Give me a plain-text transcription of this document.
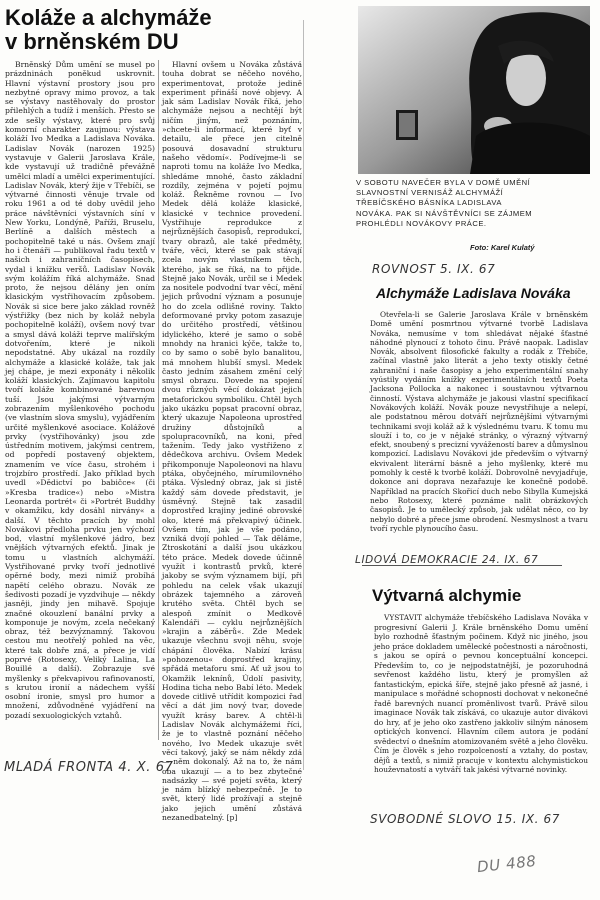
Koláže a alchymáže
v brněnském DU

Brněnský Dům umění se musel po prázdninách poněkud uskrovnit. Hlavní výstavní prostory jsou pro nezbytné opravy mimo provoz, a tak se výstavy nastěhovaly do prostor přilehlých a tudíž i menších. Přesto se zde sešly výstavy, které pro svůj komorní charakter zaujmou: výstava koláží Ivo Medka a Ladislava Nováka. Ladislav Novák (narozen 1925) vystavuje v Galerii Jaroslava Krále, kde vystavují už tradičně převážně umělci mladí a umělci experimentující. Ladislav Novák, který žije v Třebíči, se výtvarné činnosti věnuje trvale od roku 1961 a od té doby uvědil jeho práce návštěvníci výstavních síní v New Yorku, Londýně, Paříži, Bruselu, Berlíně a dalších městech a pochopitelně také u nás. Ovšem znají ho i čtenáři — publikoval řadu textů v našich i zahraničních časopisech, vydal i knížku veršů. Ladislav Novák svým kolážím říká alchymáže. Snad proto, že nejsou dělány jen oním klasickým vystřihovacím způsobem. Novák si sice bere jako základ rovněž výstřižky (bez nich by koláž nebyla pochopitelně koláží), ovšem nový tvar a smysl dává koláži teprve malířským dotvořením, které je nikoli nepodstatné. Aby ukázal na rozdíly alchymáže a klasické koláže, tak jak jej chápe, je mezi exponáty i několik koláží klasických. Zajímavou kapitolu tvoří koláže kombinované barevnou tuší. Jsou jakýmsi výtvarným zobrazením myšlenkového pochodu (ve vlastním slova smyslu), vyjádřením určité myšlenkové asociace. Kolážové prvky (vystřihovánky) jsou zde ústředním motivem, jakýmsi centrem, od popředí postavený objektem, znamením ve více času, strohém i trojzbíro prostředí. Jako příklad bych uvedl »Dědictví po babičce« (či »Kresba tradice«) nebo »Mistra Leonarda portrét« či »Portrét Buddhy v okamžiku, kdy dosáhl nirvány« a další. V těchto pracích by mohl Novákovi předloha prvku jen výchozí bod, vlastní myšlenkové jádro, bez vnějších výtvarných efektů. Jinak je tomu u vlastních alchymáží. Vystřihované prvky tvoří jednotlivé opěrné body, mezi nimiž probíhá napětí celého obrazu. Novák ze šedivosti pozadí je vyzdvihuje — někdy jasněji, jindy jen mihavě. Spojuje značné okouzlení banální prvky a komponuje je novým, zcela nečekaný obraz, též bezvýznamný. Takovou cestou mu neotřelý pohled na věc, které tak dobře zná, a přece je vidí poprvé (Rotosexy, Veliký Lalina, La Bouillé a další). Zobrazuje své myšlenky s překvapivou rafinovaností, s krutou ironií a nádechem vyšší osobní ironie, smysl pro humor a množení, zdůvodněné vyjádření na pozadí sexuologických vztahů.

Hlavní ovšem u Nováka zůstává touha dobrat se něčeho nového, experimentovat, protože jedině experiment přináší nové objevy. A jak sám Ladislav Novák říká, jeho alchymáže nejsou a nechtějí být ničím jiným, než poznáním, »chcete-li informací, které byť v detailu, ale přece jen citelně posouvá dosavadní strukturu našeho vědomí«. Podívejme-li se naproti tomu na koláže Ivo Medka, shledáme mnohé, často základní rozdíly, zejména v pojetí pojmu koláž. Řekněme rovnou — Ivo Medek dělá koláže klasické, klasické v technice provedení. Vystřihuje reprodukce z nejrůznějších časopisů, reprodukcí, tvary obrazů, ale také předměty, tváře, věci, které se pak stávají zcela novým vlastníkem těch, kterého, jak se říká, na to přijde. Stejně jako Novák, určil se i Medek za nositele podvodní tvar věcí, mění jejich průvodní význam a posunuje ho do zcela odlišné roviny. Takto deformované prvky potom zasazuje do určitého prostředí, většinou idylického, které je samo o sobě mnohdy na hranici kýče, takže to, co by samo o sobě bylo banalitou, má mnohem hlubší smysl. Medek často jedním zásahem změní celý smysl obrazu. Dovede na spojení dvou různých věcí dokázat jejich metaforickou symboliku. Chtěl bych jako ukázku popsat pracovní obraz, který ukazuje Napoleona uprostřed družiny důstojníků a spolupracovníků, na koni, před tažením. Tedy jako vystřiženo z dědečkova archivu. Ovšem Medek přikomponuje Napoleonovi na hlavu ptáka, obyčejného, mírumilovného ptáka. Výsledný obraz, jak si jistě každý sám dovede představit, je úsměvný. Stejně tak zasadil doprostřed krajiny jediné obrovské oko, které má překvapivý účinek. Ovšem tím, jak je vše podáno, vzniká dvojí pohled — Tak děláme, Ztroskotání a další jsou ukázkou této práce. Medek dovede účinně využít i kontrastů prvků, které jakoby se svým významem bijí, při pohledu na celek však ukazují obrázek tajemného a zároveň krutého světa. Chtěl bych se alespoň zmínit o Medkově Kalendáři — cyklu nejrůznějších »krajin a záběrů«. Zde Medek ukazuje všechnu svoji něhu, svoje chápání člověka. Nabízí krásu »pohozenou« doprostřed krajiny, spřádá metaforu smí. Ať už jsou to Okamžik leknínů, Údolí pasivity, Hodina ticha nebo Babí léto. Medek dovede citlivě utřídit kompozici řad věcí a dát jim nový tvar, dovede využít krásy barev. A chtěl-li Ladislav Novák alchymážemi říci, že je to vlastně poznání něčeho nového, Ivo Medek ukazuje svět věcí takový, jaký se nám někdy zdá — něm dokonalý. Až na to, že nám oba ukazují — a to bez zbytečné nadsázky — své pojetí světa, který je nám blízký nebezpečně. Je to svět, který lidé prožívají a stejně jako jejich umění zůstává nezanedbatelný. [p]

MLADÁ FRONTA 4. X. 67
V SOBOTU NAVEČER BYLA V DOMĚ UMĚNÍ SLAVNOSTNÍ VERNISÁŽ ALCHYMÁŽÍ TŘEBÍČSKÉHO BÁSNÍKA LADISLAVA NOVÁKA. PAK SI NÁVŠTĚVNÍCI SE ZÁJMEM PROHLÉDLI NOVÁKOVY PRÁCE.
Foto: Karel Kulatý
ROVNOST 5. IX. 67
Alchymáže Ladislava Nováka

Otevřela-li se Galerie Jaroslava Krále v brněnském Domě umění posmrtnou výtvarné tvorbě Ladislava Nováka, nemusíme v tom shledávat nějaké šťastné náhodné plynoucí z tohoto činu. Právě naopak. Ladislav Novák, absolvent filosofické fakulty a rodák z Třebíče, začínal vlastně jako literát a jeho texty otiskly četné zahraniční i naše časopisy a jeho experimentální snahy vyústily vydáním knížky experimentálních textů Poeta Jacksona Pollocka a nakonec i soustavnou výtvarnou činností. Výstava alchymáže je jakousi vlastní specifikací Novákových koláží. Novák pouze nevystřihuje a nelepí, ale podstatnou měrou dotváří nejrůznějšími výtvarnými technikami svoji koláž až k výslednému tvaru. K tomu mu slouží i to, co je v nějaké stránky, o výrazný výtvarný efekt, snoubený s precizní vyvážeností barev a důmyslnou kompozicí. Ladislavu Novákovi jde především o výtvarný ekvivalent literární básně a jeho myšlenky, které mu pomohly k cestě k tvorbě koláží. Dobrovolně nevyjadřuje, dokonce ani doprava nezařazuje ke konečně podobě. Například na pracích Skořicí duch nebo Sibylla Kumejská nebo Rotosexy, které poznáme nalit obrázkových časopisů. Je to umělecký způsob, jak udělat něco, co by nebylo dobré a přece jsme obrodení. Nesmyslnost a tvaru tvoří rychle plynoucího času.

LIDOVÁ DEMOKRACIE 24. IX. 67
Výtvarná alchymie

VYSTAVIT alchymáže třebíčského Ladislava Nováka v progresivní Galerii J. Krále brněnského Domu umění bylo rozhodně šťastným počinem. Když nic jiného, jsou jeho práce dokladem umělecké počestnosti a náročnosti, s jakou se opírá o pevnou konceptuální koncepci. Především to, co je nejpodstatnější, je pozoruhodná sevřenost každého listu, který je promyšlen až fantastickým, epická šíře, stejně jako přesně až jasné, i manipulace s mořádné schopnosti dochovat v nekonečné řadě barevných nuancí proměnlivost tvarů. Právě silou imaginace Novák tak získává, co ukazuje autor divákovi do hry, ať je jeho oko zastřeno jakkoliv silným nánosem optických konvencí. Hlavním cílem autora je podání svědectví o dnešním atomizovaném světě a jeho člověku. Čím je člověk s jeho rozpolceností a vztahy, do postav, dějů a textů, s nimiž pracuje v kontextu alchymistickou houževnatostí a vytváří tak jakési výtvarné novinky.

SVOBODNÉ SLOVO 15. IX. 67
DU 488
